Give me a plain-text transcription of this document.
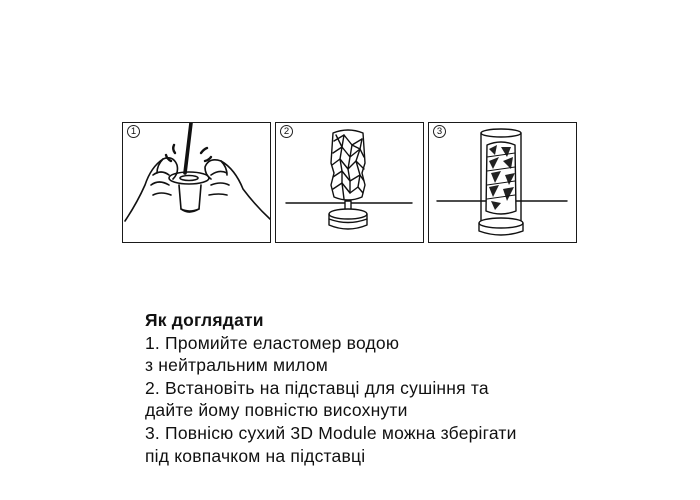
1	2	3
Як доглядати
1. Промийте еластомер водою
з нейтральним милом
2. Встановіть на підставці для сушіння та
дайте йому повністю висохнути
3. Повнісю сухий 3D Module можна зберігати
під ковпачком на підставці
